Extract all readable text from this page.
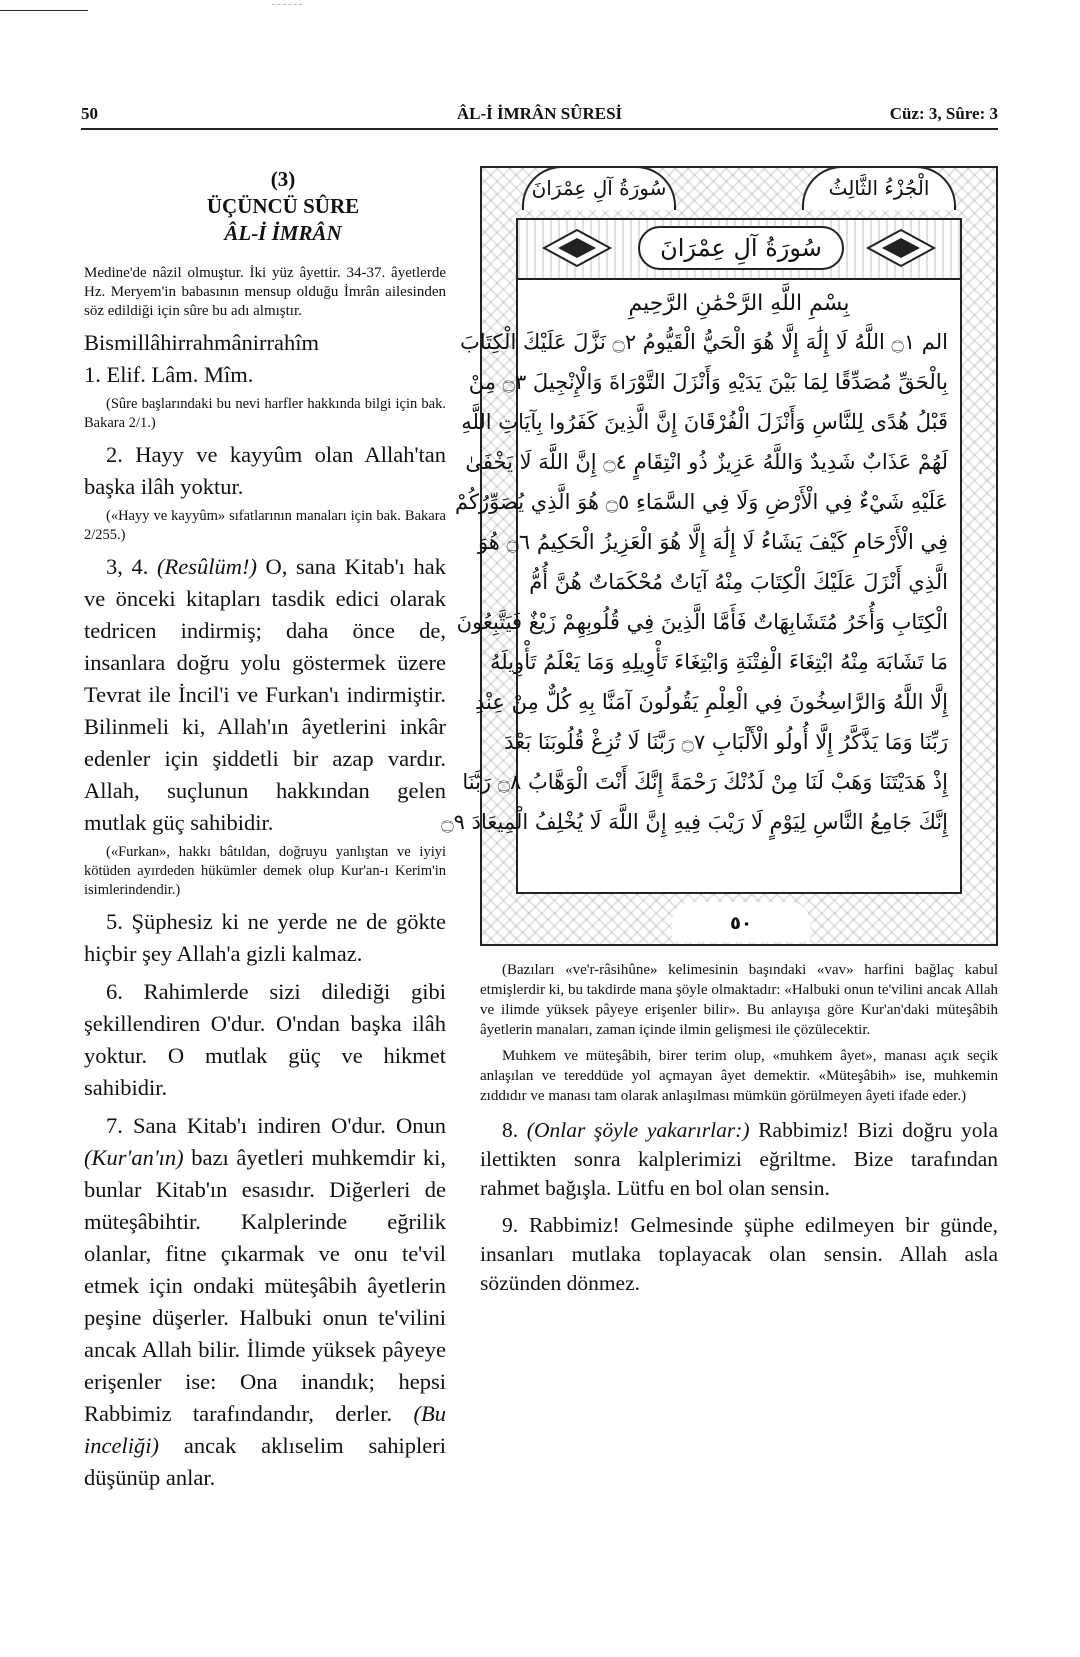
50	ÂL-İ İMRÂN SÛRESİ	Cüz: 3, Sûre: 3
(3)
ÜÇÜNCÜ SÛRE
ÂL-İ İMRÂN
Medine'de nâzil olmuştur. İki yüz âyettir. 34-37. âyetlerde Hz. Meryem'in babasının mensup olduğu İmrân ailesinden söz edildiği için sûre bu adı almıştır.
Bismillâhirrahmânirrahîm
1. Elif. Lâm. Mîm.
(Sûre başlarındaki bu nevi harfler hakkında bilgi için bak. Bakara 2/1.)
2. Hayy ve kayyûm olan Allah'tan başka ilâh yoktur.
(«Hayy ve kayyûm» sıfatlarının manaları için bak. Bakara 2/255.)
3, 4. (Resûlüm!) O, sana Kitab'ı hak ve önceki kitapları tasdik edici olarak tedricen indirmiş; daha önce de, insanlara doğru yolu göstermek üzere Tevrat ile İncil'i ve Furkan'ı indirmiştir. Bilinmeli ki, Allah'ın âyetlerini inkâr edenler için şiddetli bir azap vardır. Allah, suçlunun hakkından gelen mutlak güç sahibidir.
(«Furkan», hakkı bâtıldan, doğruyu yanlıştan ve iyiyi kötüden ayırdeden hükümler demek olup Kur'an-ı Kerim'in isimlerindendir.)
5. Şüphesiz ki ne yerde ne de gökte hiçbir şey Allah'a gizli kalmaz.
6. Rahimlerde sizi dilediği gibi şekillendiren O'dur. O'ndan başka ilâh yoktur. O mutlak güç ve hikmet sahibidir.
7. Sana Kitab'ı indiren O'dur. Onun (Kur'an'ın) bazı âyetleri muhkemdir ki, bunlar Kitab'ın esasıdır. Diğerleri de müteşâbihtir. Kalplerinde eğrilik olanlar, fitne çıkarmak ve onu te'vil etmek için ondaki müteşâbih âyetlerin peşine düşerler. Halbuki onun te'vilini ancak Allah bilir. İlimde yüksek pâyeye erişenler ise: Ona inandık; hepsi Rabbimiz tarafındandır, derler. (Bu inceliği) ancak aklıselim sahipleri düşünüp anlar.
سُورَةُ آلِ عِمْرَانَ	الْجُزْءُ الثَّالِثُ
سُورَةُ آلِ عِمْرَانَ
بِسْمِ اللَّهِ الرَّحْمَٰنِ الرَّحِيمِ
الم ۝١ اللَّهُ لَا إِلَٰهَ إِلَّا هُوَ الْحَيُّ الْقَيُّومُ ۝٢ نَزَّلَ عَلَيْكَ الْكِتَابَ
بِالْحَقِّ مُصَدِّقًا لِمَا بَيْنَ يَدَيْهِ وَأَنْزَلَ التَّوْرَاةَ وَالْإِنْجِيلَ ۝٣ مِنْ
قَبْلُ هُدًى لِلنَّاسِ وَأَنْزَلَ الْفُرْقَانَ إِنَّ الَّذِينَ كَفَرُوا بِآيَاتِ اللَّهِ
لَهُمْ عَذَابٌ شَدِيدٌ وَاللَّهُ عَزِيزٌ ذُو انْتِقَامٍ ۝٤ إِنَّ اللَّهَ لَا يَخْفَىٰ
عَلَيْهِ شَيْءٌ فِي الْأَرْضِ وَلَا فِي السَّمَاءِ ۝٥ هُوَ الَّذِي يُصَوِّرُكُمْ
فِي الْأَرْحَامِ كَيْفَ يَشَاءُ لَا إِلَٰهَ إِلَّا هُوَ الْعَزِيزُ الْحَكِيمُ ۝٦ هُوَ
الَّذِي أَنْزَلَ عَلَيْكَ الْكِتَابَ مِنْهُ آيَاتٌ مُحْكَمَاتٌ هُنَّ أُمُّ
الْكِتَابِ وَأُخَرُ مُتَشَابِهَاتٌ فَأَمَّا الَّذِينَ فِي قُلُوبِهِمْ زَيْغٌ فَيَتَّبِعُونَ
مَا تَشَابَهَ مِنْهُ ابْتِغَاءَ الْفِتْنَةِ وَابْتِغَاءَ تَأْوِيلِهِ وَمَا يَعْلَمُ تَأْوِيلَهُ
إِلَّا اللَّهُ وَالرَّاسِخُونَ فِي الْعِلْمِ يَقُولُونَ آمَنَّا بِهِ كُلٌّ مِنْ عِنْدِ
رَبِّنَا وَمَا يَذَّكَّرُ إِلَّا أُولُو الْأَلْبَابِ ۝٧ رَبَّنَا لَا تُزِغْ قُلُوبَنَا بَعْدَ
إِذْ هَدَيْتَنَا وَهَبْ لَنَا مِنْ لَدُنْكَ رَحْمَةً إِنَّكَ أَنْتَ الْوَهَّابُ ۝٨ رَبَّنَا
إِنَّكَ جَامِعُ النَّاسِ لِيَوْمٍ لَا رَيْبَ فِيهِ إِنَّ اللَّهَ لَا يُخْلِفُ الْمِيعَادَ ۝٩
٥٠
(Bazıları «ve'r-râsihûne» kelimesinin başındaki «vav» harfini bağlaç kabul etmişlerdir ki, bu takdirde mana şöyle olmaktadır: «Halbuki onun te'vilini ancak Allah ve ilimde yüksek pâyeye erişenler bilir». Bu anlayışa göre Kur'an'daki müteşâbih âyetlerin manaları, zaman içinde ilmin gelişmesi ile çözülecektir.
Muhkem ve müteşâbih, birer terim olup, «muhkem âyet», manası açık seçik anlaşılan ve tereddüde yol açmayan âyet demektir. «Müteşâbih» ise, muhkemin zıddıdır ve manası tam olarak anlaşılması mümkün görülmeyen âyeti ifade eder.)
8. (Onlar şöyle yakarırlar:) Rabbimiz! Bizi doğru yola ilettikten sonra kalplerimizi eğriltme. Bize tarafından rahmet bağışla. Lütfu en bol olan sensin.
9. Rabbimiz! Gelmesinde şüphe edilmeyen bir günde, insanları mutlaka toplayacak olan sensin. Allah asla sözünden dönmez.
